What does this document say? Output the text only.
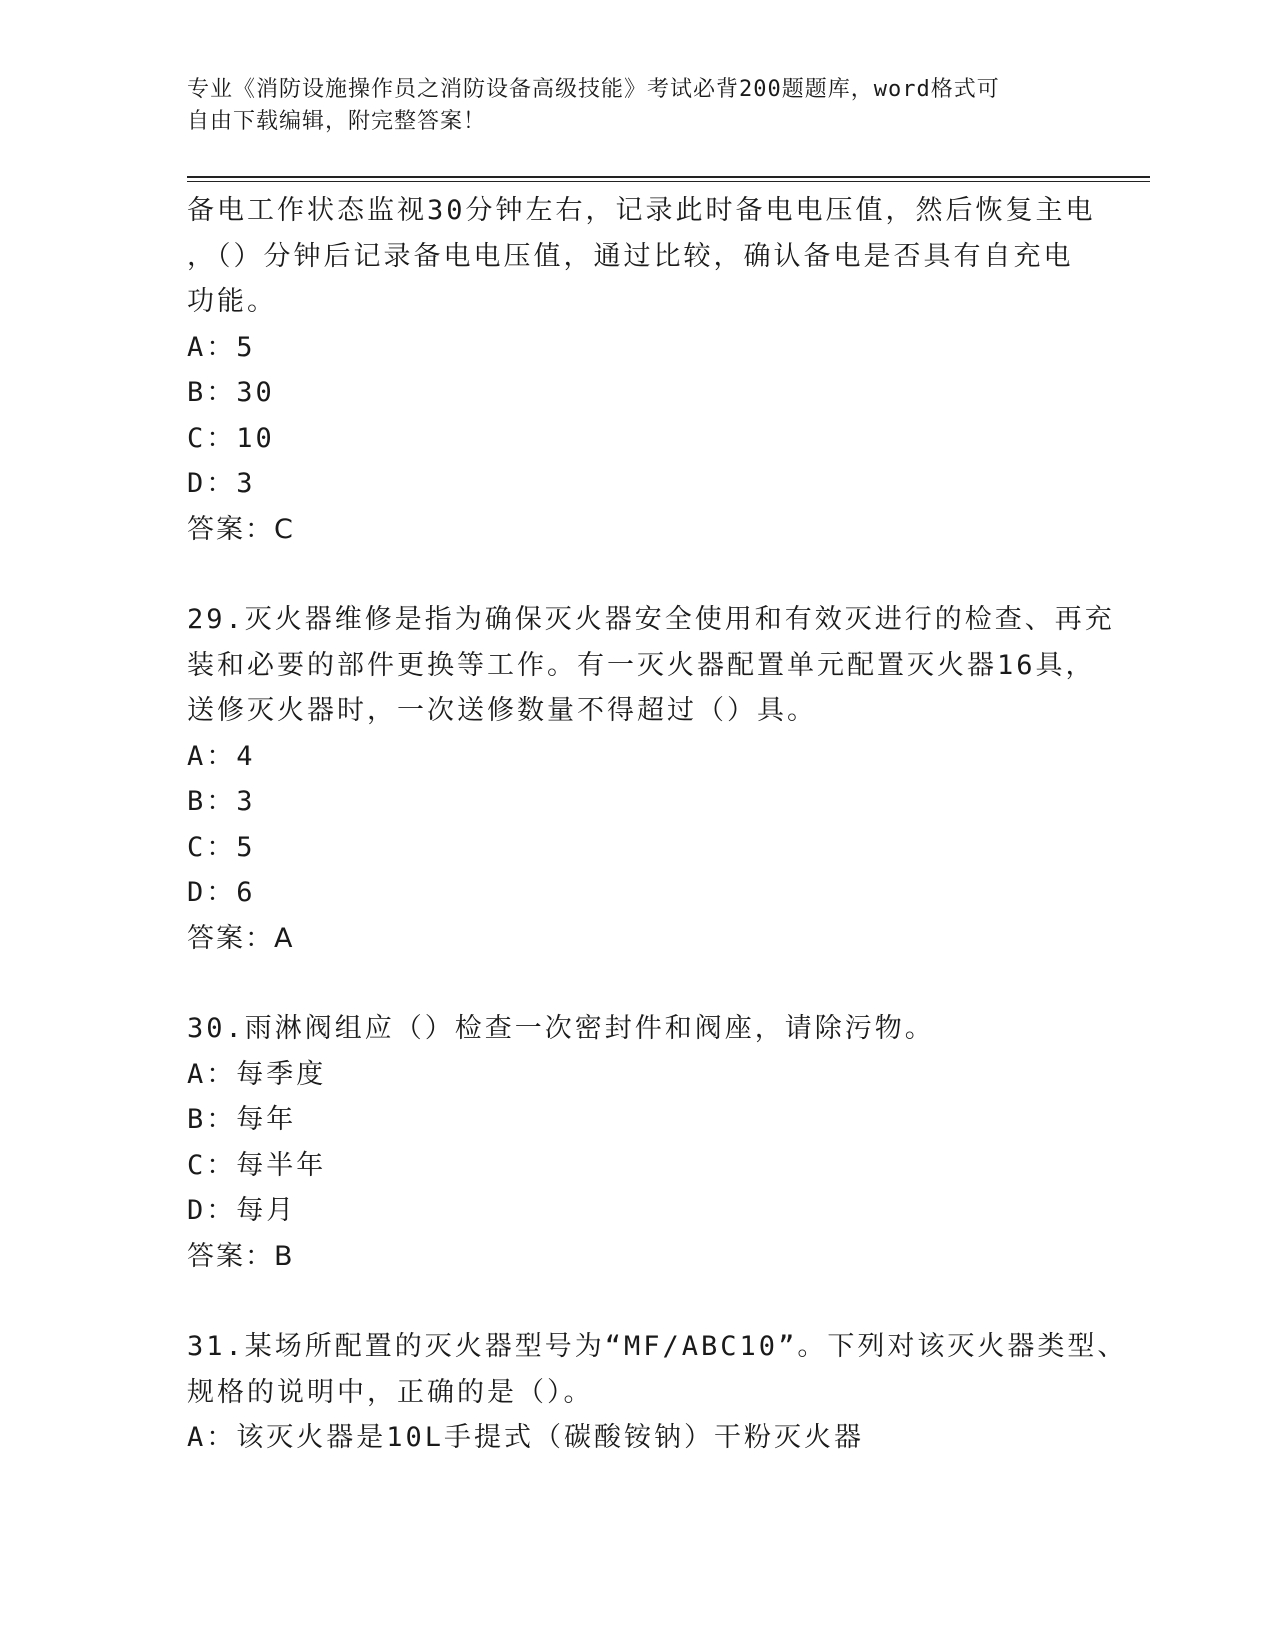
专业《消防设施操作员之消防设备高级技能》考试必背200题题库，word格式可
自由下载编辑，附完整答案！
备电工作状态监视30分钟左右，记录此时备电电压值，然后恢复主电
，（）分钟后记录备电电压值，通过比较，确认备电是否具有自充电
功能。
A：5
B：30
C：10
D：3
答案：C
29.灭火器维修是指为确保灭火器安全使用和有效灭进行的检查、再充
装和必要的部件更换等工作。有一灭火器配置单元配置灭火器16具，
送修灭火器时，一次送修数量不得超过（）具。
A：4
B：3
C：5
D：6
答案：A
30.雨淋阀组应（）检查一次密封件和阀座，请除污物。
A：每季度
B：每年
C：每半年
D：每月
答案：B
31.某场所配置的灭火器型号为“MF/ABC10”。下列对该灭火器类型、
规格的说明中，正确的是（）。
A：该灭火器是10L手提式（碳酸铵钠）干粉灭火器
